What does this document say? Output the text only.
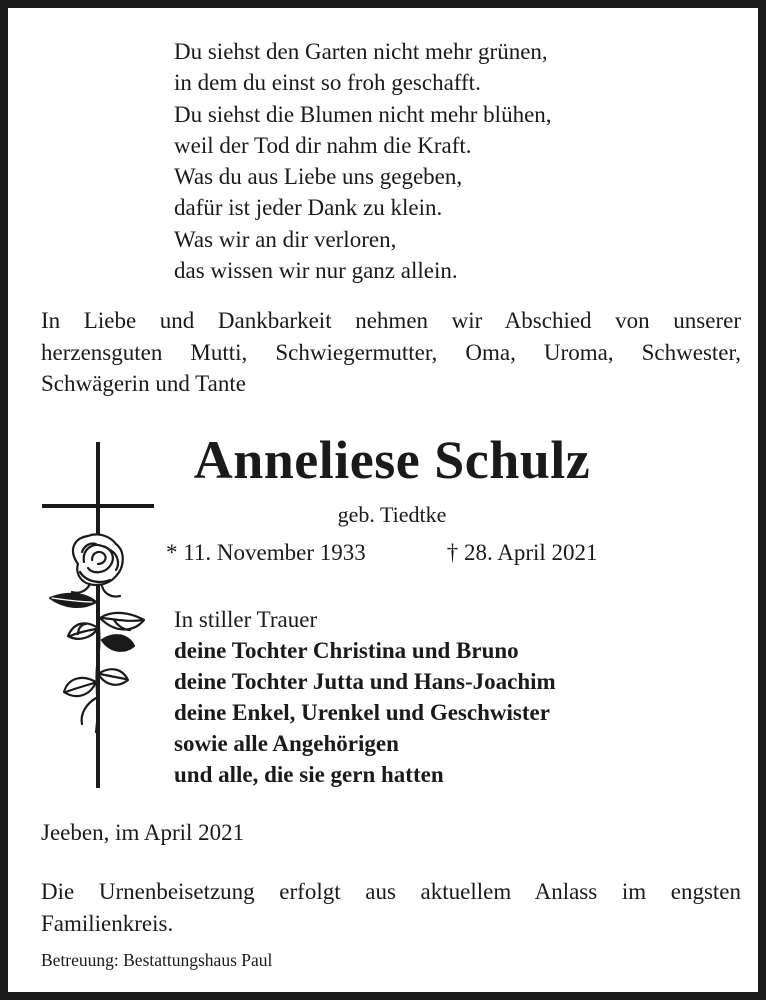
Du siehst den Garten nicht mehr grünen,
in dem du einst so froh geschafft.
Du siehst die Blumen nicht mehr blühen,
weil der Tod dir nahm die Kraft.
Was du aus Liebe uns gegeben,
dafür ist jeder Dank zu klein.
Was wir an dir verloren,
das wissen wir nur ganz allein.
In Liebe und Dankbarkeit nehmen wir Abschied von unserer
herzensguten Mutti, Schwiegermutter, Oma, Uroma, Schwester,
Schwägerin und Tante
Anneliese Schulz
geb. Tiedtke
* 11. November 1933	† 28. April 2021
In stiller Trauer
deine Tochter Christina und Bruno
deine Tochter Jutta und Hans-Joachim
deine Enkel, Urenkel und Geschwister
sowie alle Angehörigen
und alle, die sie gern hatten
Jeeben, im April 2021
Die Urnenbeisetzung erfolgt aus aktuellem Anlass im engsten
Familienkreis.
Betreuung: Bestattungshaus Paul
